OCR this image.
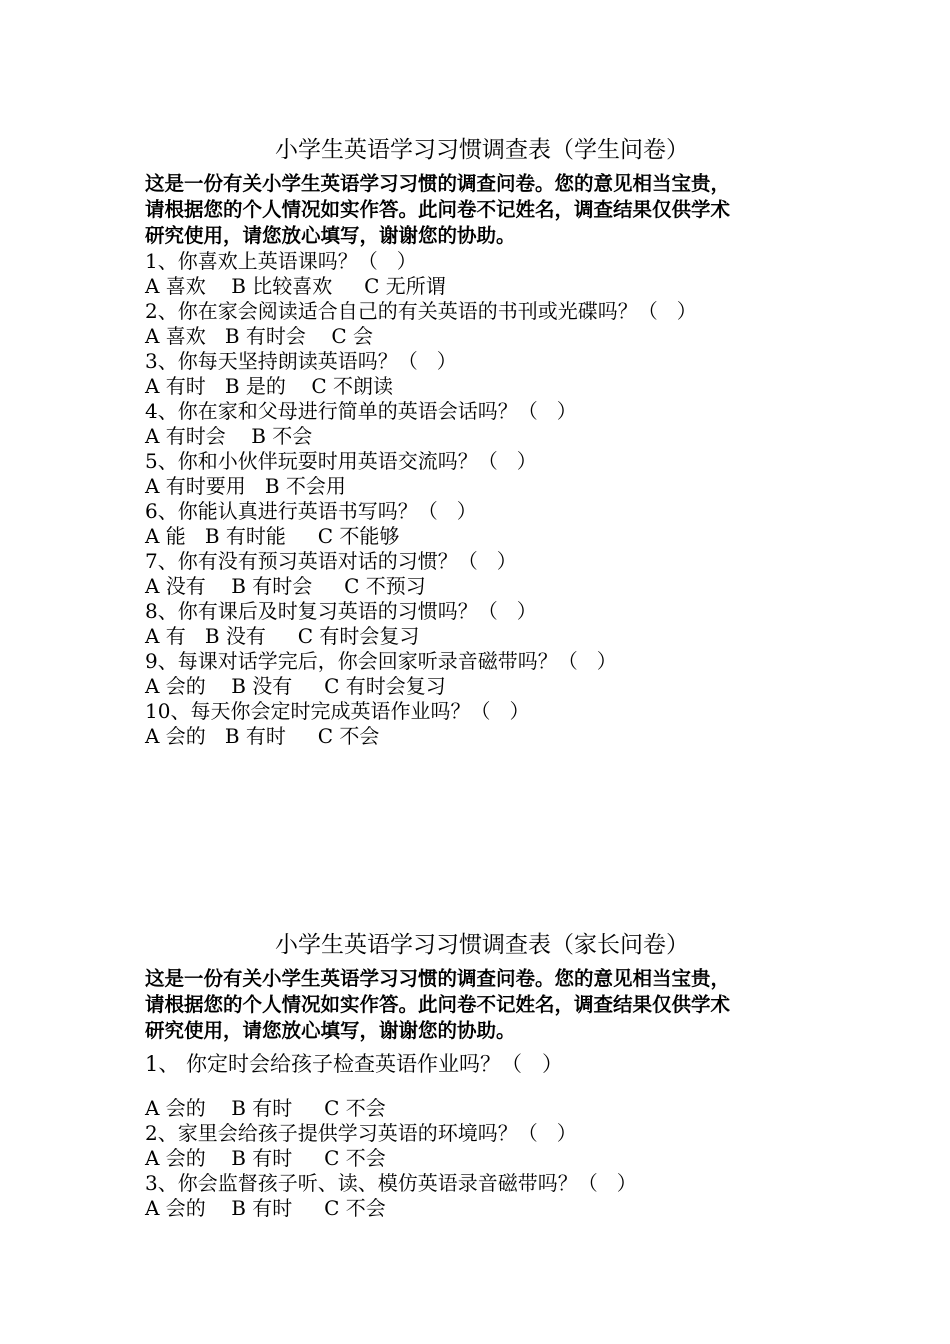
小学生英语学习习惯调查表（学生问卷）

这是一份有关小学生英语学习习惯的调查问卷。您的意见相当宝贵，
请根据您的个人情况如实作答。此问卷不记姓名，调查结果仅供学术
研究使用，请您放心填写，谢谢您的协助。

1、你喜欢上英语课吗？（   ）
A 喜欢    B 比较喜欢     C 无所谓
2、你在家会阅读适合自己的有关英语的书刊或光碟吗？（   ）
A 喜欢   B 有时会    C 会
3、你每天坚持朗读英语吗？（   ）
A 有时   B 是的    C 不朗读
4、你在家和父母进行简单的英语会话吗？（   ）
A 有时会    B 不会
5、你和小伙伴玩耍时用英语交流吗？（   ）
A 有时要用   B 不会用
6、你能认真进行英语书写吗？（   ）
A 能   B 有时能     C 不能够
7、你有没有预习英语对话的习惯？（   ）
A 没有    B 有时会     C 不预习
8、你有课后及时复习英语的习惯吗？（   ）
A 有   B 没有     C 有时会复习
9、每课对话学完后，你会回家听录音磁带吗？（   ）
A 会的    B 没有     C 有时会复习
10、每天你会定时完成英语作业吗？（   ）
A 会的   B 有时     C 不会
小学生英语学习习惯调查表（家长问卷）

这是一份有关小学生英语学习习惯的调查问卷。您的意见相当宝贵，
请根据您的个人情况如实作答。此问卷不记姓名，调查结果仅供学术
研究使用，请您放心填写，谢谢您的协助。

1、 你定时会给孩子检查英语作业吗？（   ）
A 会的    B 有时     C 不会
2、家里会给孩子提供学习英语的环境吗？（   ）
A 会的    B 有时     C 不会
3、你会监督孩子听、读、模仿英语录音磁带吗？（   ）
A 会的    B 有时     C 不会
